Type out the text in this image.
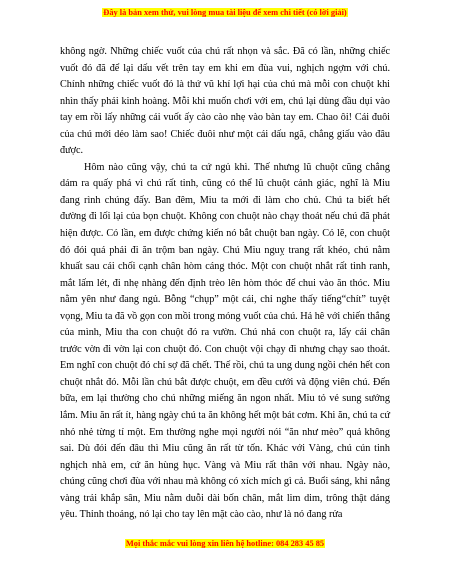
Đây là bản xem thử, vui lòng mua tài liệu để xem chi tiết (có lời giải)

không ngờ. Những chiếc vuốt của chú rất nhọn và sắc. Đã có lần, những chiếc vuốt đó đã để lại dấu vết trên tay em khi em đùa vui, nghịch ngợm với chú. Chính những chiếc vuốt đó là thứ vũ khí lợi hại của chú mà mỗi con chuột khi nhìn thấy phải kinh hoàng. Mỗi khi muốn chơi với em, chú lại dùng đầu dụi vào tay em rồi lấy những cái vuốt ấy cào cào nhẹ vào bàn tay em. Chao ôi! Cái đuôi của chú mới dẻo làm sao! Chiếc đuôi như một cái dấu ngã, chẳng giấu vào đâu được.

Hôm nào cũng vậy, chú ta cứ ngủ khì. Thế nhưng lũ chuột cũng chẳng dám ra quấy phá vì chú rất tinh, cũng có thể lũ chuột cảnh giác, nghĩ là Miu đang rình chúng đấy. Ban đêm, Miu ta mới đi làm cho chủ. Chú ta biết hết đường đi lối lại của bọn chuột. Không con chuột nào chạy thoát nếu chú đã phát hiện được. Có lần, em được chứng kiến nó bắt chuột ban ngày. Có lẽ, con chuột đó đói quá phải đi ăn trộm ban ngày. Chú Miu nguỵ trang rất khéo, chú nằm khuất sau cái chối cạnh chân hòm cáng thóc. Một con chuột nhắt rất tinh ranh, mắt lấm lét, đi nhẹ nhàng đến định trèo lên hòm thóc để chui vào ăn thóc. Miu nằm yên như đang ngủ. Bỗng “chụp” một cái, chỉ nghe thấy tiếng“chít” tuyệt vọng, Miu ta đã vồ gọn con mồi trong móng vuốt của chú. Hả hê với chiến thắng của mình, Miu tha con chuột đó ra vườn. Chú nhả con chuột ra, lấy cái chân trước vờn đi vờn lại con chuột đó. Con chuột vội chạy đi nhưng chạy sao thoát. Em nghĩ con chuột đó chỉ sợ đã chết. Thế rồi, chú ta ung dung ngồi chén hết con chuột nhắt đó. Mỗi lần chú bắt được chuột, em đều cưới và động viên chú. Đến bữa, em lại thường cho chú những miếng ăn ngon nhất. Miu tỏ vẻ sung sướng lắm. Miu ăn rất ít, hàng ngày chú ta ăn không hết một bát cơm. Khi ăn, chú ta cứ nhỏ nhẻ từng tí một. Em thường nghe mọi người nói “ăn như mèo” quả không sai. Dù đói đến đâu thì Miu cũng ăn rất từ tốn. Khác với Vàng, chú cún tinh nghịch nhà em, cứ ăn hùng hục. Vàng và Miu rất thân với nhau. Ngày nào, chúng cũng chơi đùa với nhau mà không có xích mích gì cả. Buổi sáng, khi nắng vàng trải khắp sân, Miu nằm duỗi dài bốn chân, mắt lim dim, trông thật dáng yêu. Thỉnh thoảng, nó lại cho tay lên mặt cào cào, như là nó đang rửa

Mọi thắc mắc vui lòng xin liên hệ hotline: 084 283 45 85
